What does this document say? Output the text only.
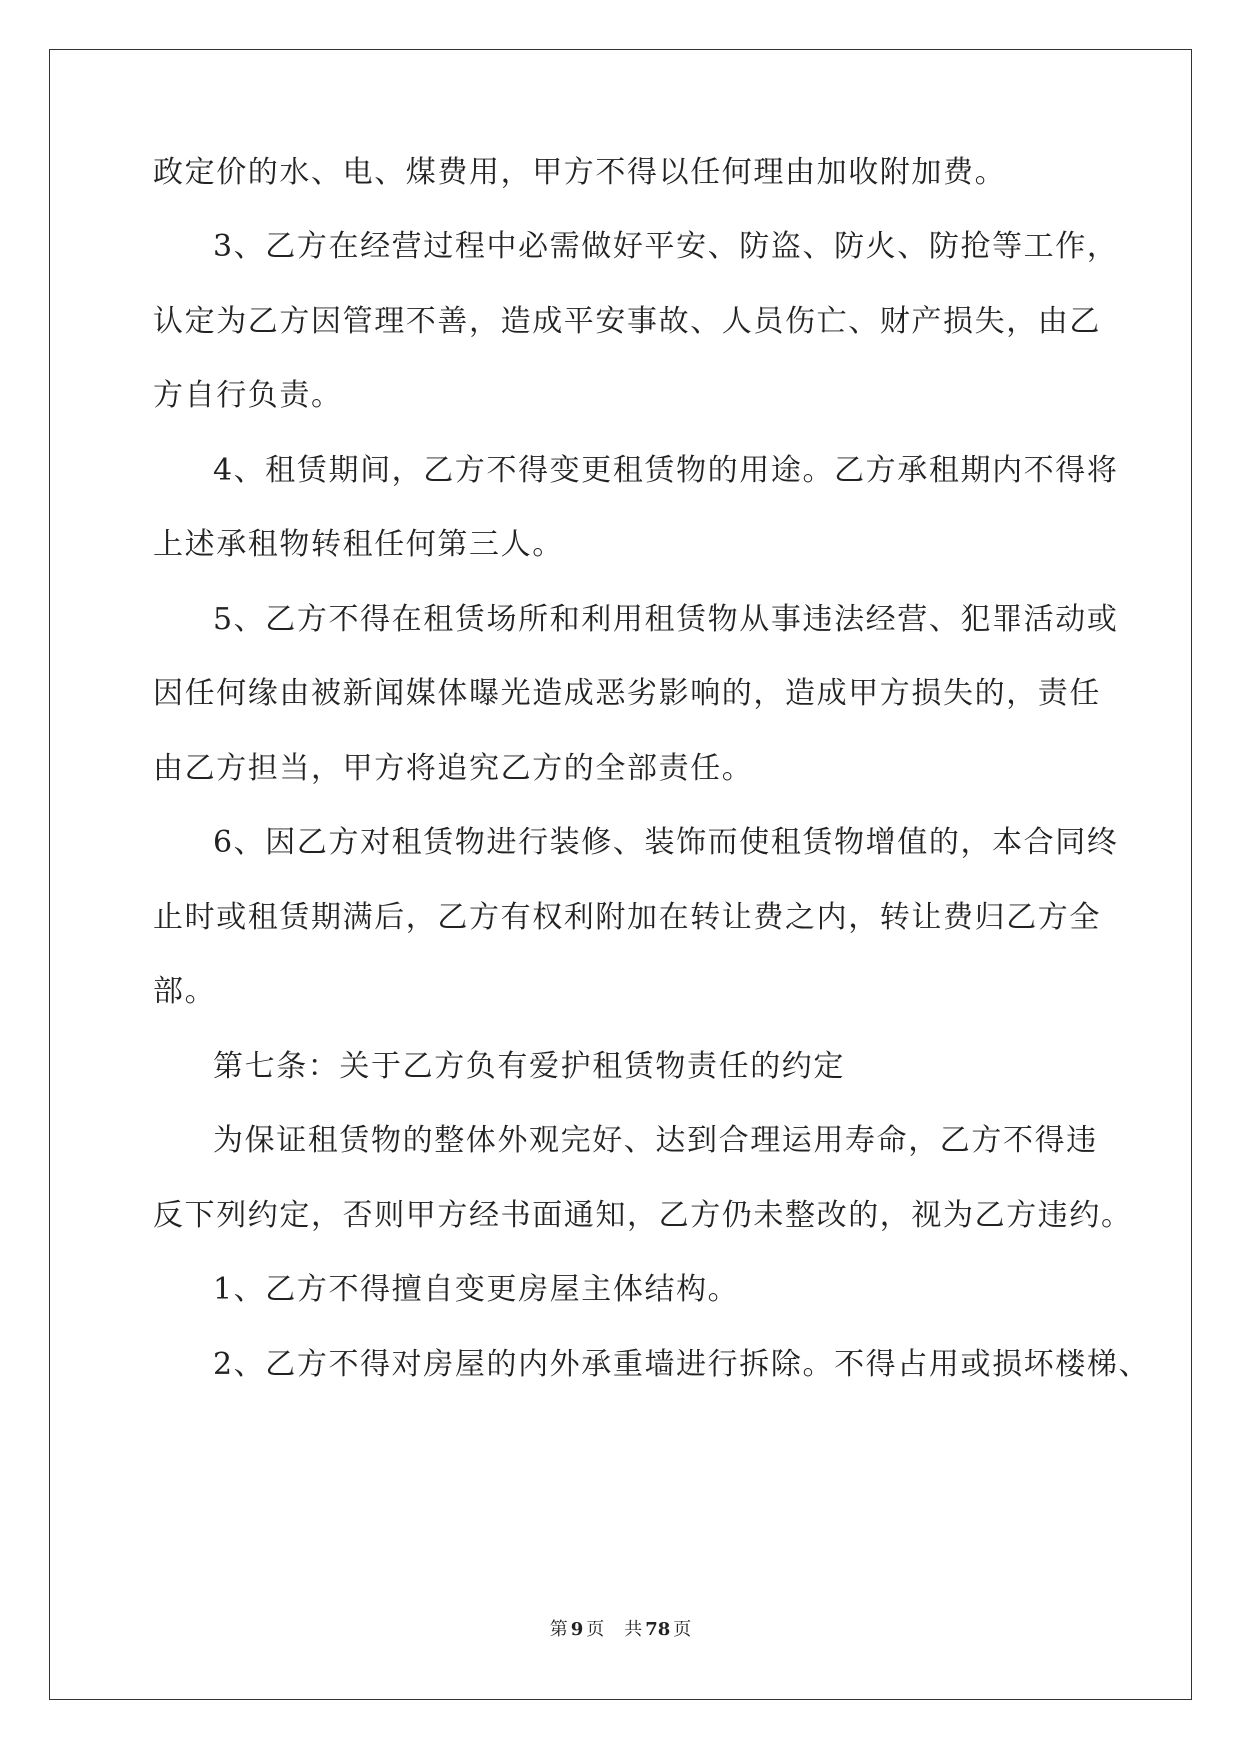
政定价的水、电、煤费用，甲方不得以任何理由加收附加费。
3、乙方在经营过程中必需做好平安、防盗、防火、防抢等工作，
认定为乙方因管理不善，造成平安事故、人员伤亡、财产损失，由乙
方自行负责。
4、租赁期间，乙方不得变更租赁物的用途。乙方承租期内不得将
上述承租物转租任何第三人。
5、乙方不得在租赁场所和利用租赁物从事违法经营、犯罪活动或
因任何缘由被新闻媒体曝光造成恶劣影响的，造成甲方损失的，责任
由乙方担当，甲方将追究乙方的全部责任。
6、因乙方对租赁物进行装修、装饰而使租赁物增值的，本合同终
止时或租赁期满后，乙方有权利附加在转让费之内，转让费归乙方全
部。
第七条：关于乙方负有爱护租赁物责任的约定
为保证租赁物的整体外观完好、达到合理运用寿命，乙方不得违
反下列约定，否则甲方经书面通知，乙方仍未整改的，视为乙方违约。
1、乙方不得擅自变更房屋主体结构。
2、乙方不得对房屋的内外承重墙进行拆除。不得占用或损坏楼梯、
第 9 页 共 78 页
